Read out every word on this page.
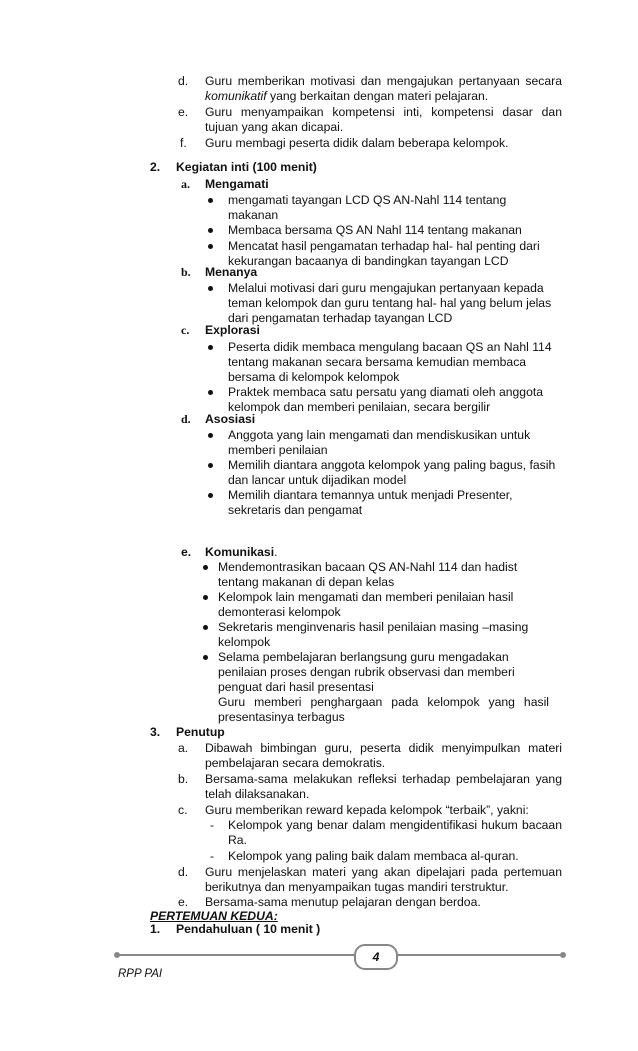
d. Guru memberikan motivasi dan mengajukan pertanyaan secara
komunikatif yang berkaitan dengan materi pelajaran.
e. Guru menyampaikan kompetensi inti, kompetensi dasar dan
tujuan yang akan dicapai.
f. Guru membagi peserta didik dalam beberapa kelompok.
2. Kegiatan inti (100 menit)
a. Mengamati
mengamati tayangan LCD QS AN-Nahl 114 tentang
makanan
Membaca bersama QS AN Nahl 114 tentang makanan
Mencatat hasil pengamatan terhadap hal- hal penting dari
kekurangan bacaanya di bandingkan tayangan LCD
b. Menanya
Melalui motivasi dari guru mengajukan pertanyaan kepada
teman kelompok dan guru tentang hal- hal yang belum jelas
dari pengamatan terhadap tayangan LCD
c. Explorasi
Peserta didik membaca mengulang bacaan QS an Nahl 114
tentang makanan secara bersama kemudian membaca
bersama di kelompok kelompok
Praktek membaca satu persatu yang diamati oleh anggota
kelompok dan memberi penilaian, secara bergilir
d. Asosiasi
Anggota yang lain mengamati dan mendiskusikan untuk
memberi penilaian
Memilih diantara anggota kelompok yang paling bagus, fasih
dan lancar untuk dijadikan model
Memilih diantara temannya untuk menjadi Presenter,
sekretaris dan pengamat
e. Komunikasi.
Mendemontrasikan bacaan QS AN-Nahl 114 dan hadist
tentang makanan di depan kelas
Kelompok lain mengamati dan memberi penilaian hasil
demonterasi kelompok
Sekretaris menginvenaris hasil penilaian masing –masing
kelompok
Selama pembelajaran berlangsung guru mengadakan
penilaian proses dengan rubrik observasi dan memberi
penguat dari hasil presentasi
Guru memberi penghargaan pada kelompok yang hasil
presentasinya terbagus
3. Penutup
a. Dibawah bimbingan guru, peserta didik menyimpulkan materi
pembelajaran secara demokratis.
b. Bersama-sama melakukan refleksi terhadap pembelajaran yang
telah dilaksanakan.
c. Guru memberikan reward kepada kelompok “terbaik”, yakni:
- Kelompok yang benar dalam mengidentifikasi hukum bacaan
Ra.
- Kelompok yang paling baik dalam membaca al-quran.
d. Guru menjelaskan materi yang akan dipelajari pada pertemuan
berikutnya dan menyampaikan tugas mandiri terstruktur.
e. Bersama-sama menutup pelajaran dengan berdoa.
PERTEMUAN KEDUA:
1. Pendahuluan ( 10 menit )
4
RPP PAI
